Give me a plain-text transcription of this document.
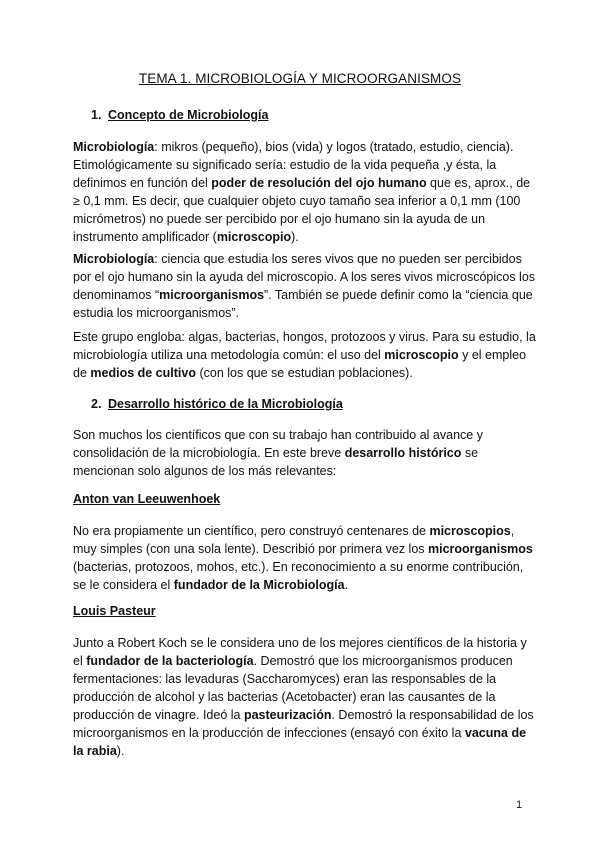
TEMA 1. MICROBIOLOGÍA Y MICROORGANISMOS
1. Concepto de Microbiología

Microbiología: mikros (pequeño), bios (vida) y logos (tratado, estudio, ciencia). Etimológicamente su significado sería: estudio de la vida pequeña ,y ésta, la definimos en función del poder de resolución del ojo humano que es, aprox., de ≥ 0,1 mm. Es decir, que cualquier objeto cuyo tamaño sea inferior a 0,1 mm (100 micrómetros) no puede ser percibido por el ojo humano sin la ayuda de un instrumento amplificador (microscopio).

Microbiología: ciencia que estudia los seres vivos que no pueden ser percibidos por el ojo humano sin la ayuda del microscopio. A los seres vivos microscópicos los denominamos “microorganismos”. También se puede definir como la “ciencia que estudia los microorganismos”.

Este grupo engloba: algas, bacterias, hongos, protozoos y virus. Para su estudio, la microbiología utiliza una metodología común: el uso del microscopio y el empleo de medios de cultivo (con los que se estudian poblaciones).

2. Desarrollo histórico de la Microbiología

Son muchos los científicos que con su trabajo han contribuido al avance y consolidación de la microbiología. En este breve desarrollo histórico se mencionan solo algunos de los más relevantes:

Anton van Leeuwenhoek

No era propiamente un científico, pero construyó centenares de microscopios, muy simples (con una sola lente). Describió por primera vez los microorganismos (bacterias, protozoos, mohos, etc.). En reconocimiento a su enorme contribución, se le considera el fundador de la Microbiología.

Louis Pasteur

Junto a Robert Koch se le considera uno de los mejores científicos de la historia y el fundador de la bacteriología. Demostró que los microorganismos producen fermentaciones: las levaduras (Saccharomyces) eran las responsables de la producción de alcohol y las bacterias (Acetobacter) eran las causantes de la producción de vinagre. Ideó la pasteurización. Demostró la responsabilidad de los microorganismos en la producción de infecciones (ensayó con éxito la vacuna de la rabia).

1
